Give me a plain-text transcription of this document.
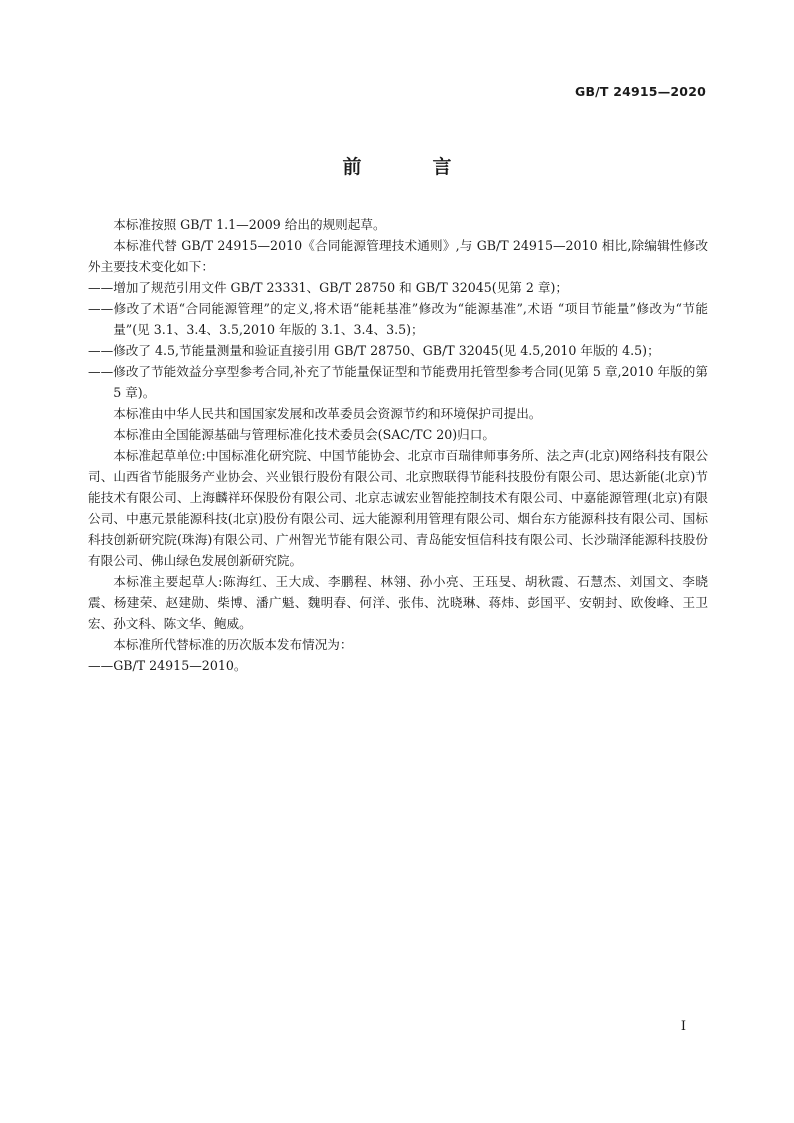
GB/T 24915—2020
前　言

本标准按照 GB/T 1.1—2009 给出的规则起草。

本标准代替 GB/T 24915—2010《合同能源管理技术通则》,与 GB/T 24915—2010 相比,除编辑性修改外主要技术变化如下：

——增加了规范引用文件 GB/T 23331、GB/T 28750 和 GB/T 32045(见第 2 章)；

——修改了术语“合同能源管理”的定义,将术语“能耗基准”修改为“能源基准”,术语 “项目节能量”修改为“节能量”(见 3.1、3.4、3.5,2010 年版的 3.1、3.4、3.5)；

——修改了 4.5,节能量测量和验证直接引用 GB/T 28750、GB/T 32045(见 4.5,2010 年版的 4.5)；

——修改了节能效益分享型参考合同,补充了节能量保证型和节能费用托管型参考合同(见第 5 章,2010 年版的第 5 章)。

本标准由中华人民共和国国家发展和改革委员会资源节约和环境保护司提出。

本标准由全国能源基础与管理标准化技术委员会(SAC/TC 20)归口。

本标准起草单位:中国标准化研究院、中国节能协会、北京市百瑞律师事务所、法之声(北京)网络科技有限公司、山西省节能服务产业协会、兴业银行股份有限公司、北京煦联得节能科技股份有限公司、思达新能(北京)节能技术有限公司、上海麟祥环保股份有限公司、北京志诚宏业智能控制技术有限公司、中嘉能源管理(北京)有限公司、中惠元景能源科技(北京)股份有限公司、远大能源利用管理有限公司、烟台东方能源科技有限公司、国标科技创新研究院(珠海)有限公司、广州智光节能有限公司、青岛能安恒信科技有限公司、长沙瑞泽能源科技股份有限公司、佛山绿色发展创新研究院。

本标准主要起草人:陈海红、王大成、李鹏程、林翎、孙小亮、王珏旻、胡秋霞、石慧杰、刘国文、李晓震、杨建荣、赵建勋、柴博、潘广魁、魏明春、何洋、张伟、沈晓琳、蒋炜、彭国平、安朝封、欧俊峰、王卫宏、孙文科、陈文华、鲍威。

本标准所代替标准的历次版本发布情况为：

——GB/T 24915—2010。

I
